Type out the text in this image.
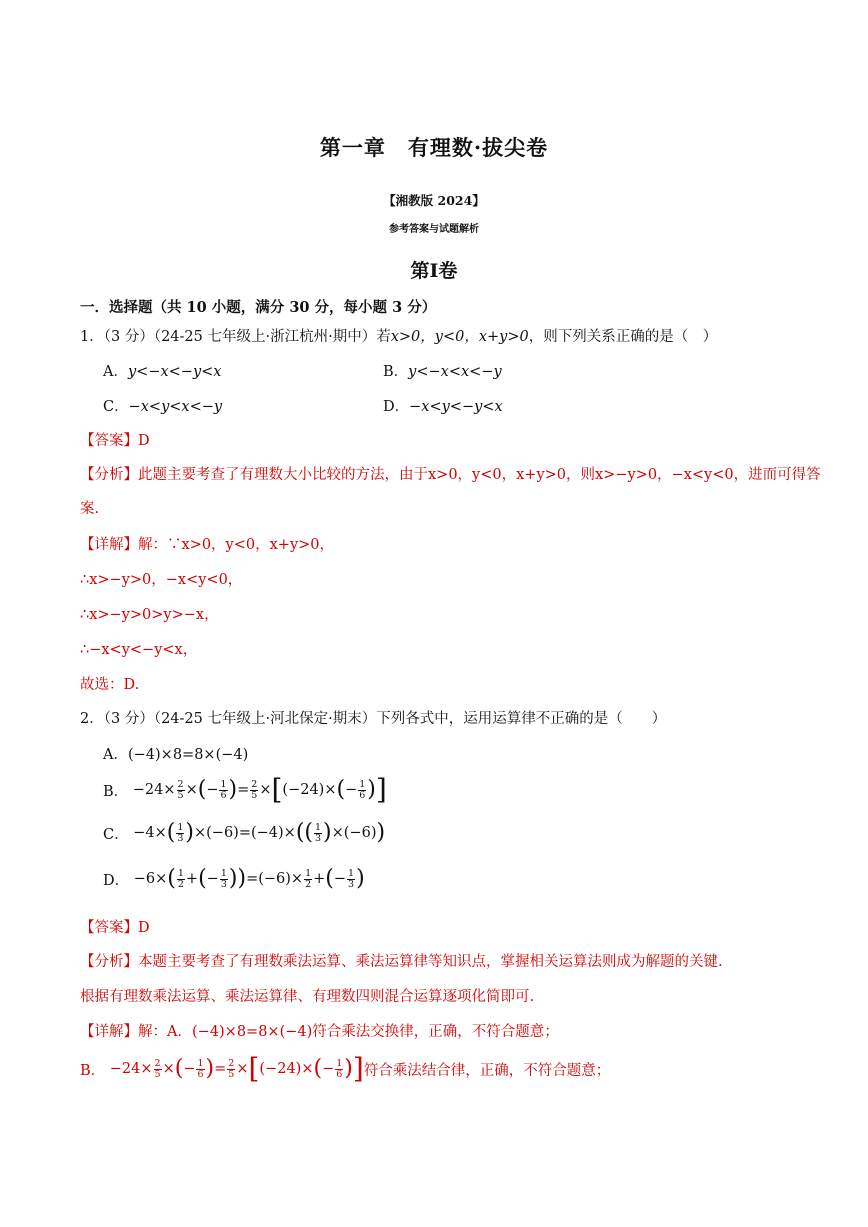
第一章　有理数·拔尖卷
【湘教版 2024】
参考答案与试题解析
第Ⅰ卷
一．选择题（共 10 小题，满分 30 分，每小题 3 分）
1．（3 分）（24-25 七年级上·浙江杭州·期中）若x>0，y<0，x+y>0，则下列关系正确的是（　）
A．y<−x<−y<x	B．y<−x<x<−y
C．−x<y<x<−y	D．−x<y<−y<x
【答案】D
【分析】此题主要考查了有理数大小比较的方法，由于x>0，y<0，x+y>0，则x>−y>0，−x<y<0，进而可得答
案.
【详解】解：∵x>0，y<0，x+y>0，
∴x>−y>0，−x<y<0，
∴x>−y>0>y>−x，
∴−x<y<−y<x，
故选：D.
2．（3 分）（24-25 七年级上·河北保定·期末）下列各式中，运用运算律不正确的是（　　）
A．(−4)×8=8×(−4)
B． $-24\times \frac{2}{5}$ ×(− $\frac{1}{6}$ )= $\frac{2}{5} \times[(-24)\times(- \frac{1}{6}$ )]
C． $-4\times( \frac{1}{3} )\times(-6)=(-4)\times(( \frac{1}{3} )\times(-6))$
D． $-6\times( \frac{1}{2}$ +(− $\frac{1}{3} ))=(-6)\times \frac{1}{2}$ +(− $\frac{1}{3}$ )
【答案】D
【分析】本题主要考查了有理数乘法运算、乘法运算律等知识点，掌握相关运算法则成为解题的关键.
根据有理数乘法运算、乘法运算律、有理数四则混合运算逐项化简即可.
【详解】解：A．(−4)×8=8×(−4)符合乘法交换律，正确，不符合题意；
B． $-24\times \frac{2}{5}$ ×(− $\frac{1}{6}$ )= $\frac{2}{5} \times[(-24)\times(- \frac{1}{6}$ )]符合乘法结合律，正确，不符合题意；
